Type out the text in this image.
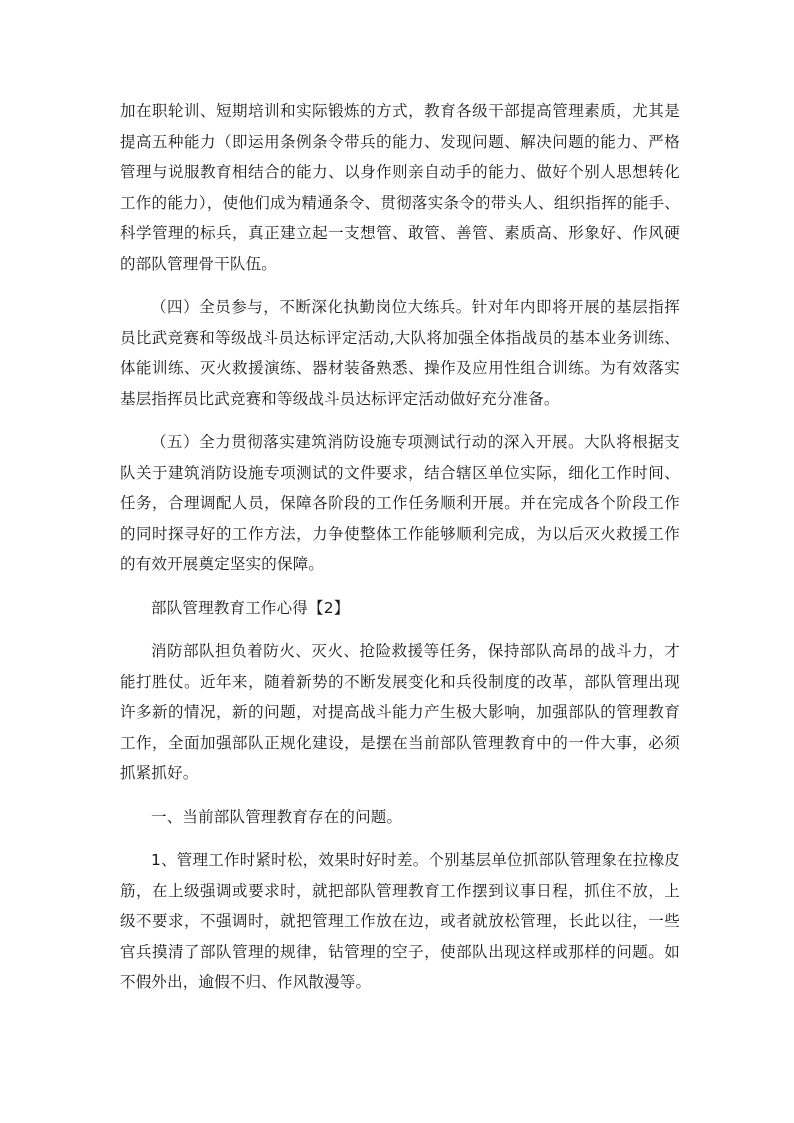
加在职轮训、短期培训和实际锻炼的方式，教育各级干部提高管理素质，尤其是提高五种能力（即运用条例条令带兵的能力、发现问题、解决问题的能力、严格管理与说服教育相结合的能力、以身作则亲自动手的能力、做好个别人思想转化工作的能力），使他们成为精通条令、贯彻落实条令的带头人、组织指挥的能手、科学管理的标兵，真正建立起一支想管、敢管、善管、素质高、形象好、作风硬的部队管理骨干队伍。

（四）全员参与，不断深化执勤岗位大练兵。针对年内即将开展的基层指挥员比武竞赛和等级战斗员达标评定活动,大队将加强全体指战员的基本业务训练、体能训练、灭火救援演练、器材装备熟悉、操作及应用性组合训练。为有效落实基层指挥员比武竞赛和等级战斗员达标评定活动做好充分准备。

（五）全力贯彻落实建筑消防设施专项测试行动的深入开展。大队将根据支队关于建筑消防设施专项测试的文件要求，结合辖区单位实际，细化工作时间、任务，合理调配人员，保障各阶段的工作任务顺利开展。并在完成各个阶段工作的同时探寻好的工作方法，力争使整体工作能够顺利完成，为以后灭火救援工作的有效开展奠定坚实的保障。

部队管理教育工作心得【2】

消防部队担负着防火、灭火、抢险救援等任务，保持部队高昂的战斗力，才能打胜仗。近年来，随着新势的不断发展变化和兵役制度的改革，部队管理出现许多新的情况，新的问题，对提高战斗能力产生极大影响，加强部队的管理教育工作，全面加强部队正规化建设，是摆在当前部队管理教育中的一件大事，必须抓紧抓好。

一、当前部队管理教育存在的问题。

1、管理工作时紧时松，效果时好时差。个别基层单位抓部队管理象在拉橡皮筋，在上级强调或要求时，就把部队管理教育工作摆到议事日程，抓住不放，上级不要求，不强调时，就把管理工作放在边，或者就放松管理，长此以往，一些官兵摸清了部队管理的规律，钻管理的空子，使部队出现这样或那样的问题。如不假外出，逾假不归、作风散漫等。
